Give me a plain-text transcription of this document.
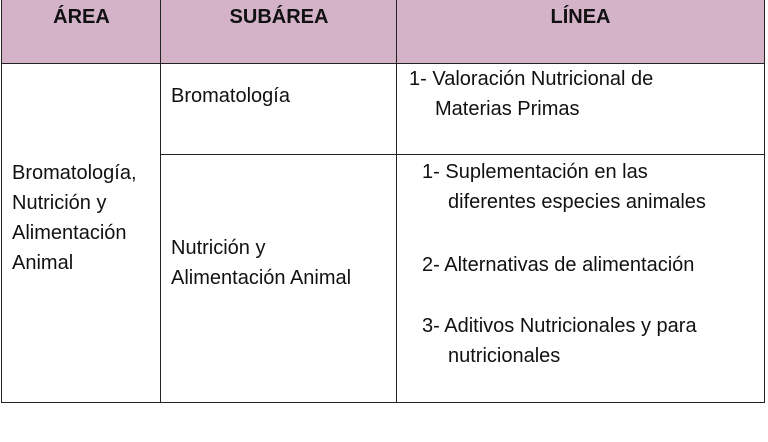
ÁREA	SUBÁREA	LÍNEA
Bromatología,
Nutrición y
Alimentación
Animal
Bromatología
Nutrición y
Alimentación Animal
1- Valoración Nutricional de
Materias Primas
1- Suplementación en las
diferentes especies animales
2- Alternativas de alimentación
3- Aditivos Nutricionales y para
nutricionales
